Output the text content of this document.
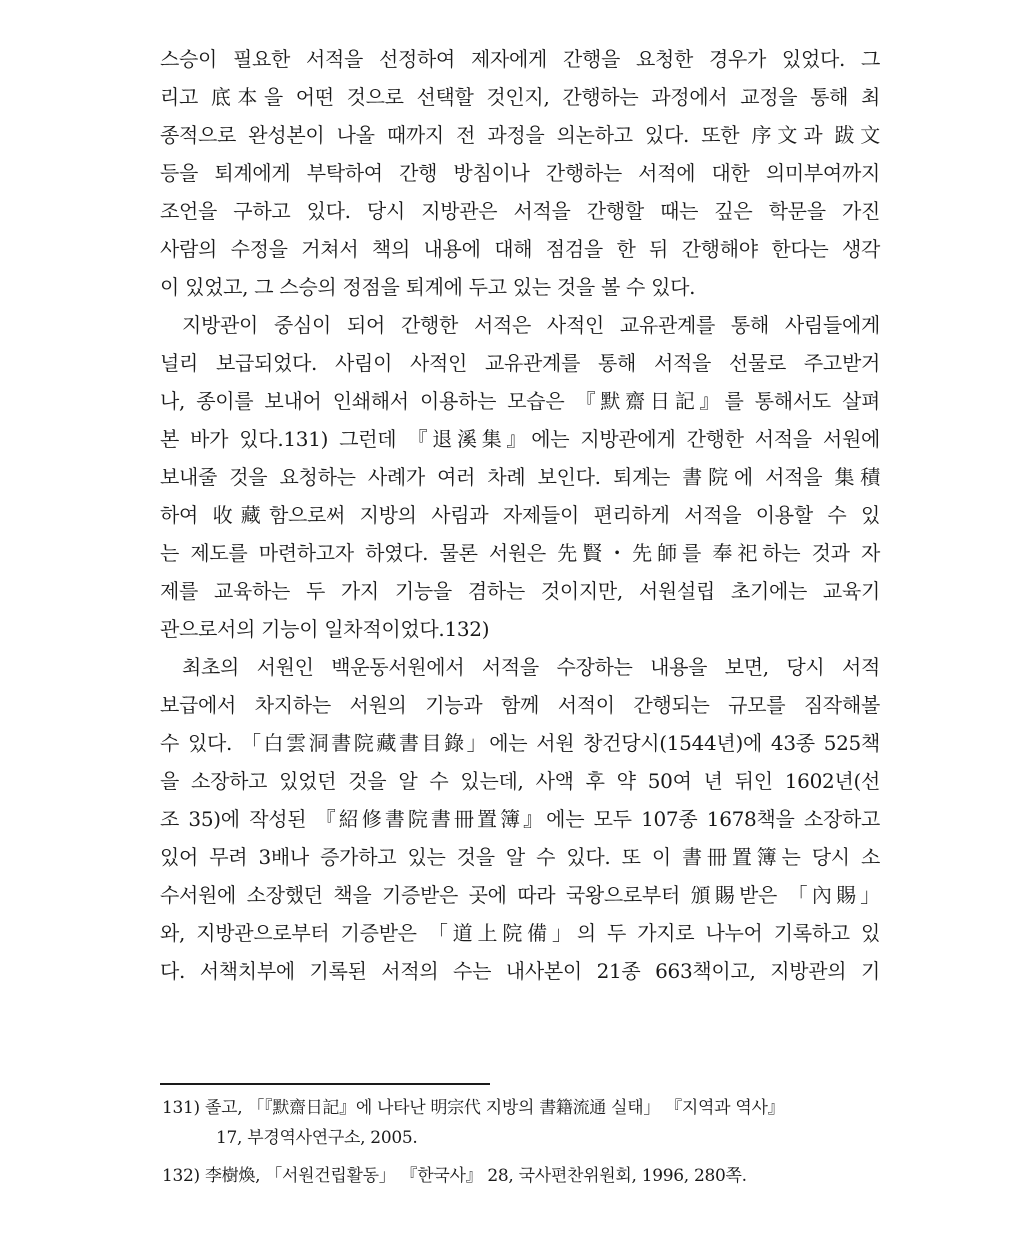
스승이 필요한 서적을 선정하여 제자에게 간행을 요청한 경우가 있었다. 그
리고 底本을 어떤 것으로 선택할 것인지, 간행하는 과정에서 교정을 통해 최
종적으로 완성본이 나올 때까지 전 과정을 의논하고 있다. 또한 序文과 跋文
등을 퇴계에게 부탁하여 간행 방침이나 간행하는 서적에 대한 의미부여까지
조언을 구하고 있다. 당시 지방관은 서적을 간행할 때는 깊은 학문을 가진
사람의 수정을 거쳐서 책의 내용에 대해 점검을 한 뒤 간행해야 한다는 생각
이 있었고, 그 스승의 정점을 퇴계에 두고 있는 것을 볼 수 있다.
지방관이 중심이 되어 간행한 서적은 사적인 교유관계를 통해 사림들에게
널리 보급되었다. 사림이 사적인 교유관계를 통해 서적을 선물로 주고받거
나, 종이를 보내어 인쇄해서 이용하는 모습은 『默齋日記』를 통해서도 살펴
본 바가 있다.131) 그런데 『退溪集』에는 지방관에게 간행한 서적을 서원에
보내줄 것을 요청하는 사례가 여러 차례 보인다. 퇴계는 書院에 서적을 集積
하여 收藏함으로써 지방의 사림과 자제들이 편리하게 서적을 이용할 수 있
는 제도를 마련하고자 하였다. 물론 서원은 先賢・先師를 奉祀하는 것과 자
제를 교육하는 두 가지 기능을 겸하는 것이지만, 서원설립 초기에는 교육기
관으로서의 기능이 일차적이었다.132)
최초의 서원인 백운동서원에서 서적을 수장하는 내용을 보면, 당시 서적
보급에서 차지하는 서원의 기능과 함께 서적이 간행되는 규모를 짐작해볼
수 있다. 「白雲洞書院藏書目錄」에는 서원 창건당시(1544년)에 43종 525책
을 소장하고 있었던 것을 알 수 있는데, 사액 후 약 50여 년 뒤인 1602년(선
조 35)에 작성된 『紹修書院書冊置簿』에는 모두 107종 1678책을 소장하고
있어 무려 3배나 증가하고 있는 것을 알 수 있다. 또 이 書冊置簿는 당시 소
수서원에 소장했던 책을 기증받은 곳에 따라 국왕으로부터 頒賜받은 「內賜」
와, 지방관으로부터 기증받은 「道上院備」의 두 가지로 나누어 기록하고 있
다. 서책치부에 기록된 서적의 수는 내사본이 21종 663책이고, 지방관의 기
131) 졸고, 「『默齋日記』에 나타난 明宗代 지방의 書籍流通 실태」 『지역과 역사』
17, 부경역사연구소, 2005.
132) 李樹煥, 「서원건립활동」 『한국사』 28, 국사편찬위원회, 1996, 280쪽.
